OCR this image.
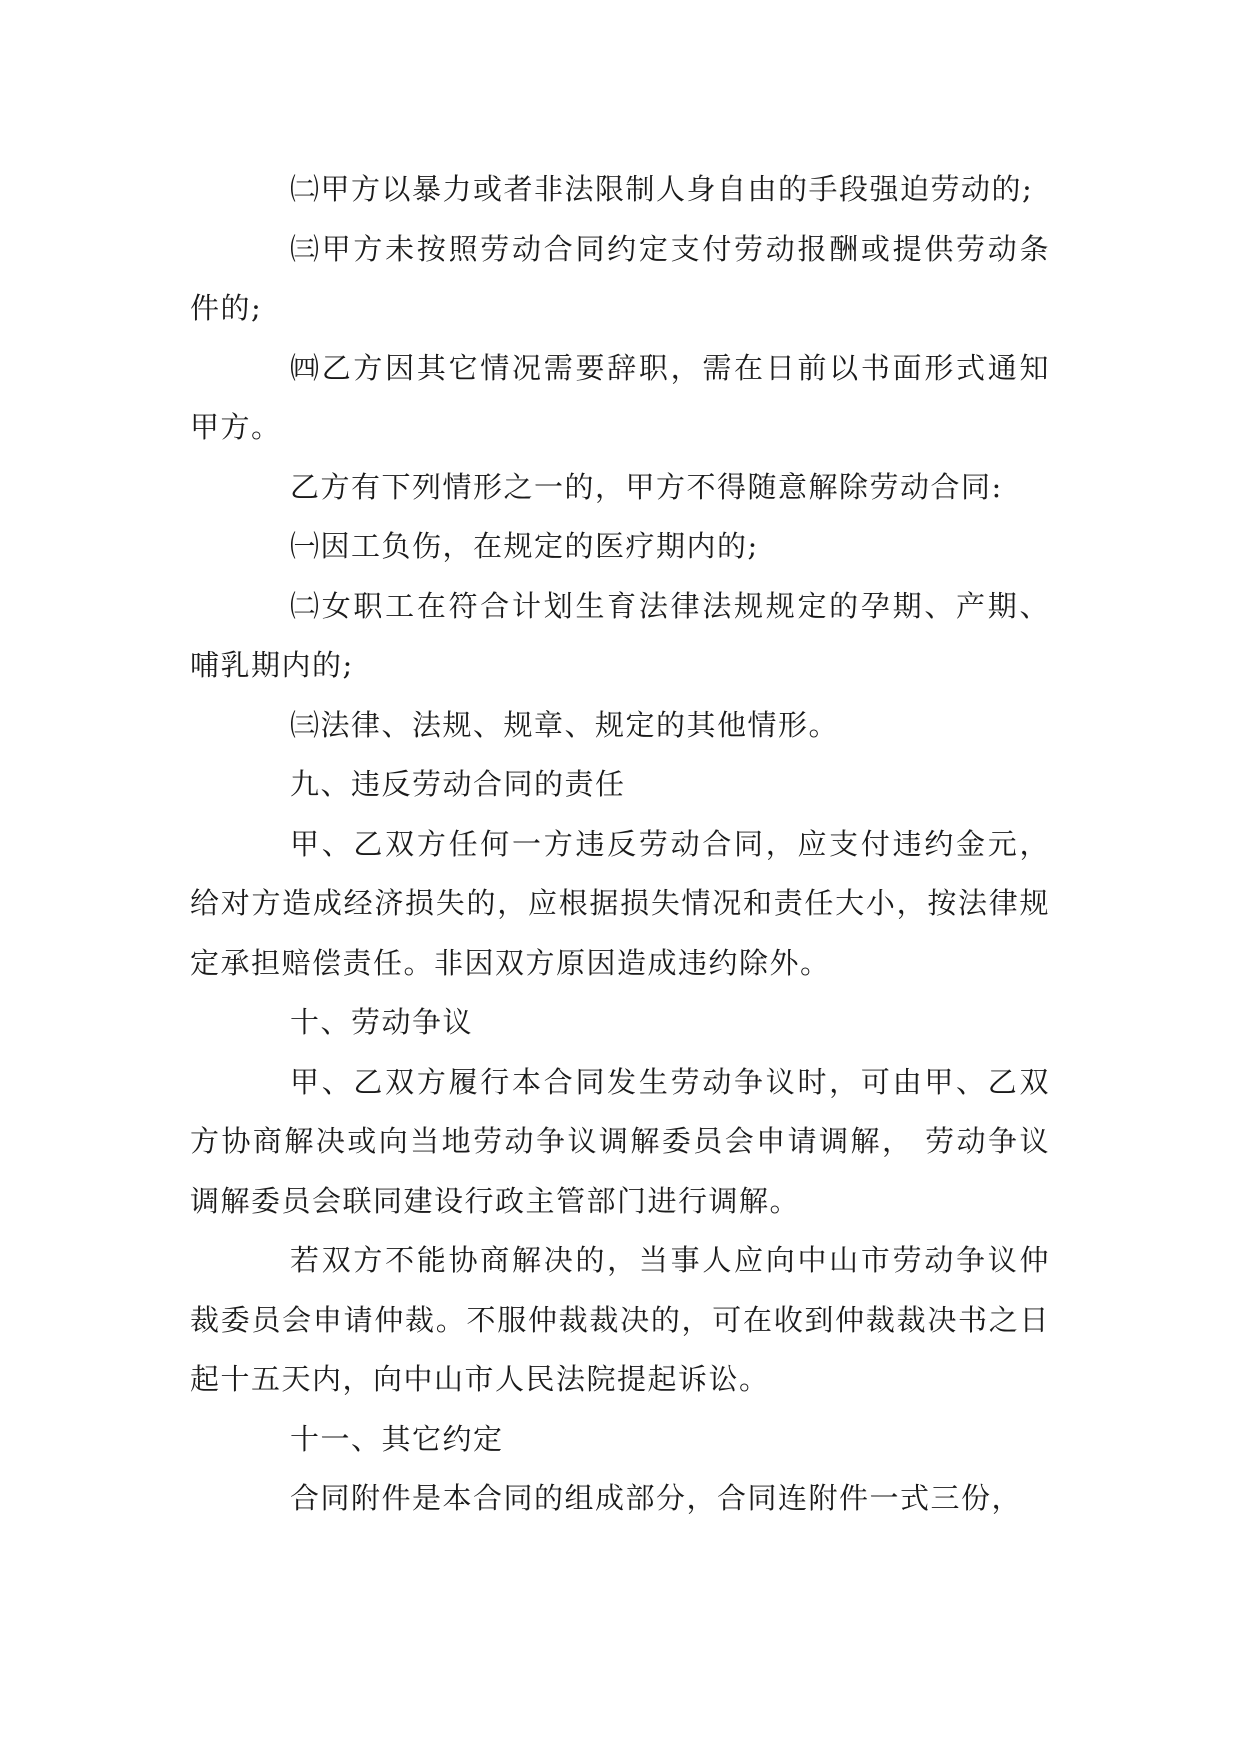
㈡甲方以暴力或者非法限制人身自由的手段强迫劳动的;

㈢甲方未按照劳动合同约定支付劳动报酬或提供劳动条件的;

㈣乙方因其它情况需要辞职，需在日前以书面形式通知甲方。

乙方有下列情形之一的，甲方不得随意解除劳动合同:

㈠因工负伤，在规定的医疗期内的;

㈡女职工在符合计划生育法律法规规定的孕期、产期、哺乳期内的;

㈢法律、法规、规章、规定的其他情形。

九、违反劳动合同的责任

甲、乙双方任何一方违反劳动合同，应支付违约金元，给对方造成经济损失的，应根据损失情况和责任大小，按法律规定承担赔偿责任。非因双方原因造成违约除外。

十、劳动争议

甲、乙双方履行本合同发生劳动争议时，可由甲、乙双方协商解决或向当地劳动争议调解委员会申请调解， 劳动争议调解委员会联同建设行政主管部门进行调解。

若双方不能协商解决的，当事人应向中山市劳动争议仲裁委员会申请仲裁。不服仲裁裁决的，可在收到仲裁裁决书之日起十五天内，向中山市人民法院提起诉讼。

十一、其它约定

合同附件是本合同的组成部分，合同连附件一式三份，
